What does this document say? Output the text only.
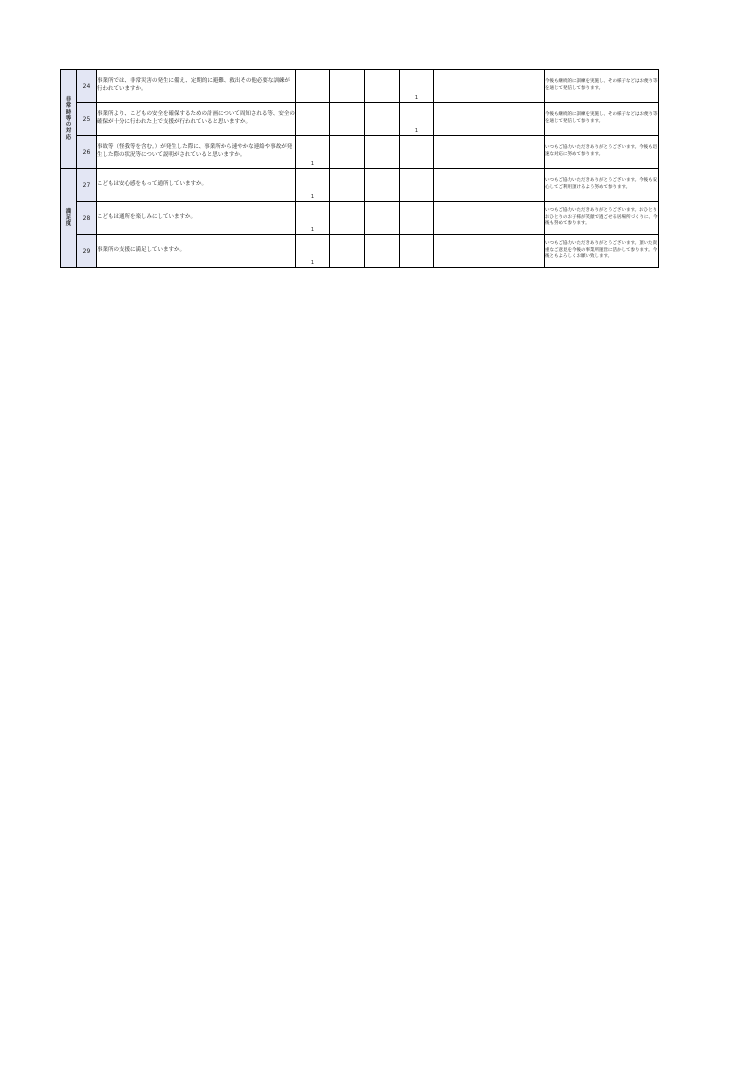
非常時等の対応	24	事業所では、非常災害の発生に備え、定期的に避難、救出その他必要な訓練が行われていますか。				1		今後も継続的に訓練を実施し、その様子などはお便り等を通じて発信して参ります。
	25	事業所より、こどもの安全を確保するための計画について周知される等、安全の確保が十分に行われた上で支援が行われていると思いますか。				1		今後も継続的に訓練を実施し、その様子などはお便り等を通じて発信して参ります。
	26	事故等（怪我等を含む。）が発生した際に、事業所から速やかな連絡や事故が発生した際の状況等について説明がされていると思いますか。	1					いつもご協力いただきありがとうございます。今後も迅速な対応に努めて参ります。

満足度	27	こどもは安心感をもって通所していますか。	1					いつもご協力いただきありがとうございます。今後も安心してご利用頂けるよう努めて参ります。
	28	こどもは通所を楽しみにしていますか。	1					いつもご協力いただきありがとうございます。おひとりおひとりのお子様が笑顔で過ごせる居場所づくりに、今後も努めて参ります。
	29	事業所の支援に満足していますか。	1					いつもご協力いただきありがとうございます。頂いた貴重なご意見を今後の事業所運営に活かして参ります。今後ともよろしくお願い致します。
